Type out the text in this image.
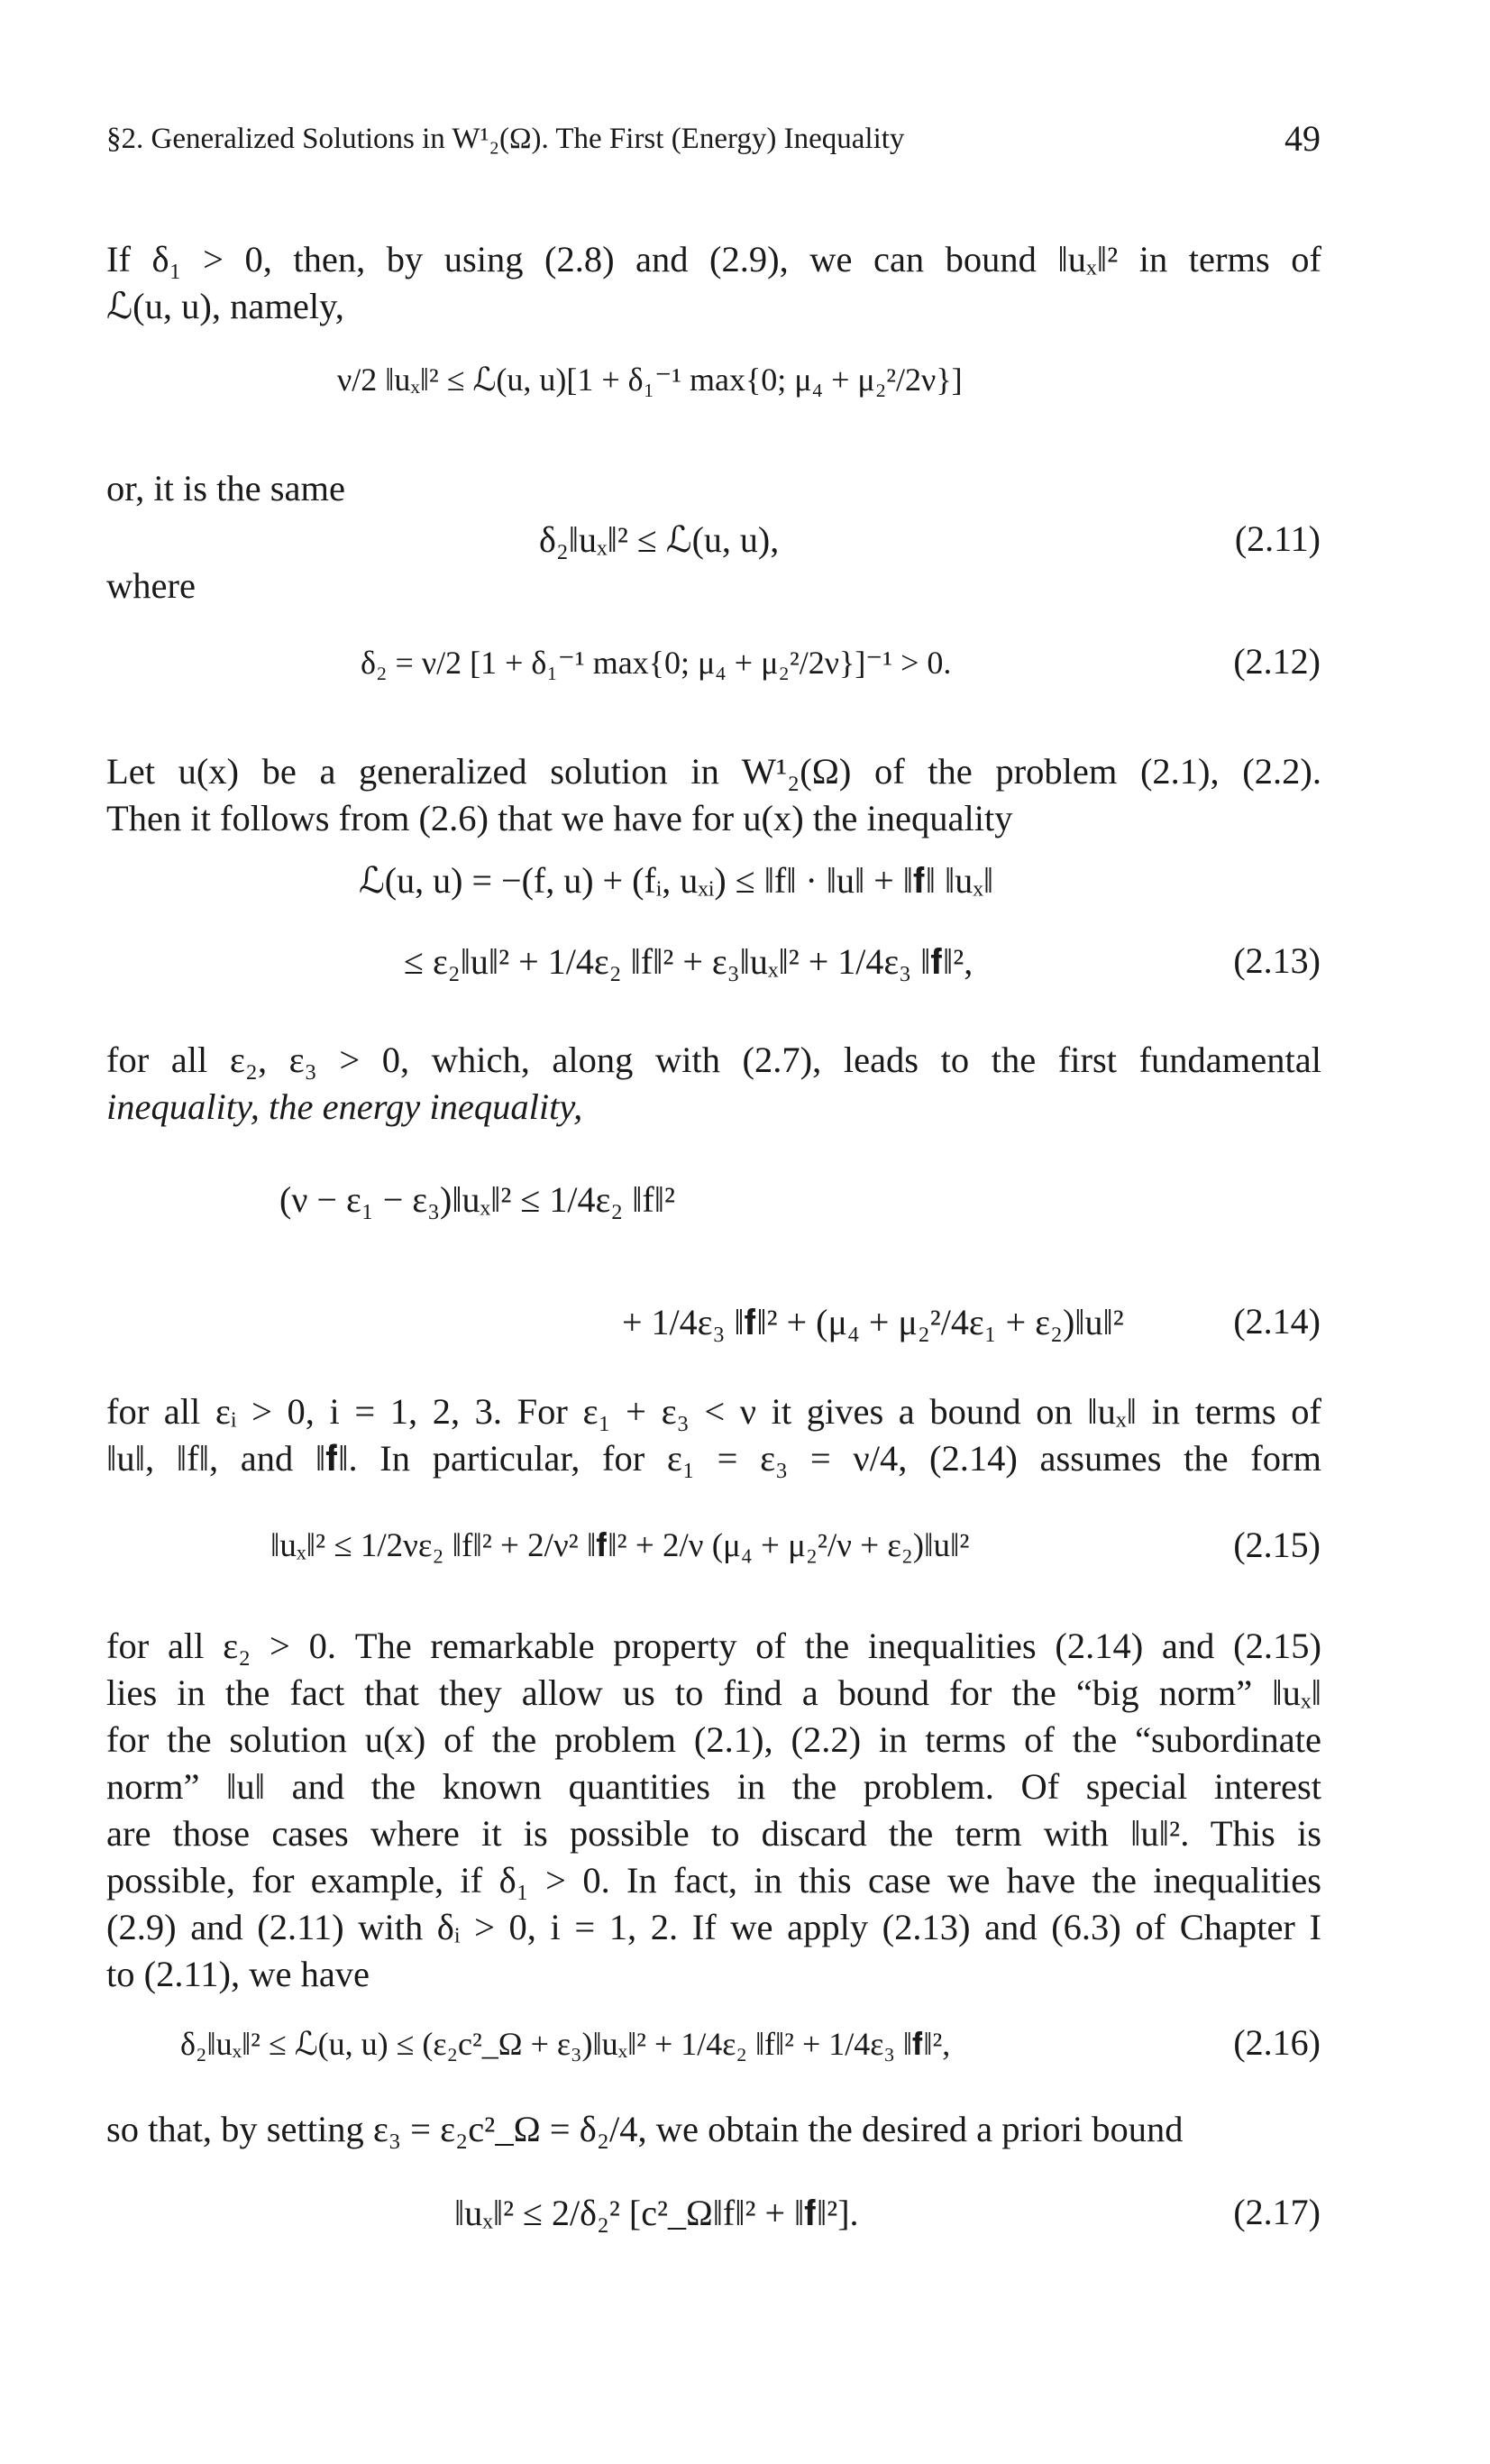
§2. Generalized Solutions in W¹₂(Ω). The First (Energy) Inequality	49
If δ₁ > 0, then, by using (2.8) and (2.9), we can bound ‖uₓ‖² in terms of
ℒ(u, u), namely,
ν/2 ‖uₓ‖² ≤ ℒ(u, u)[1 + δ₁⁻¹ max{0; μ₄ + μ₂²/2ν}]
or, it is the same
δ₂‖uₓ‖² ≤ ℒ(u, u),	(2.11)
where
δ₂ = ν/2 [1 + δ₁⁻¹ max{0; μ₄ + μ₂²/2ν}]⁻¹ > 0.	(2.12)
Let u(x) be a generalized solution in W¹₂(Ω) of the problem (2.1), (2.2).
Then it follows from (2.6) that we have for u(x) the inequality
ℒ(u, u) = −(f, u) + (fᵢ, uₓᵢ) ≤ ‖f‖ · ‖u‖ + ‖𝐟‖ ‖uₓ‖
≤ ε₂‖u‖² + 1/4ε₂ ‖f‖² + ε₃‖uₓ‖² + 1/4ε₃ ‖𝐟‖²,	(2.13)
for all ε₂, ε₃ > 0, which, along with (2.7), leads to the first fundamental
inequality, the energy inequality,
(ν − ε₁ − ε₃)‖uₓ‖² ≤ 1/4ε₂ ‖f‖²
+ 1/4ε₃ ‖𝐟‖² + (μ₄ + μ₂²/4ε₁ + ε₂)‖u‖²	(2.14)
for all εᵢ > 0, i = 1, 2, 3. For ε₁ + ε₃ < ν it gives a bound on ‖uₓ‖ in terms of
‖u‖, ‖f‖, and ‖𝐟‖. In particular, for ε₁ = ε₃ = ν/4, (2.14) assumes the form
‖uₓ‖² ≤ 1/2νε₂ ‖f‖² + 2/ν² ‖𝐟‖² + 2/ν (μ₄ + μ₂²/ν + ε₂)‖u‖²	(2.15)
for all ε₂ > 0. The remarkable property of the inequalities (2.14) and (2.15)
lies in the fact that they allow us to find a bound for the “big norm” ‖uₓ‖
for the solution u(x) of the problem (2.1), (2.2) in terms of the “subordinate
norm” ‖u‖ and the known quantities in the problem. Of special interest
are those cases where it is possible to discard the term with ‖u‖². This is
possible, for example, if δ₁ > 0. In fact, in this case we have the inequalities
(2.9) and (2.11) with δᵢ > 0, i = 1, 2. If we apply (2.13) and (6.3) of Chapter I
to (2.11), we have
δ₂‖uₓ‖² ≤ ℒ(u, u) ≤ (ε₂c²_Ω + ε₃)‖uₓ‖² + 1/4ε₂ ‖f‖² + 1/4ε₃ ‖𝐟‖²,	(2.16)
so that, by setting ε₃ = ε₂c²_Ω = δ₂/4, we obtain the desired a priori bound
‖uₓ‖² ≤ 2/δ₂² [c²_Ω‖f‖² + ‖𝐟‖²].	(2.17)
